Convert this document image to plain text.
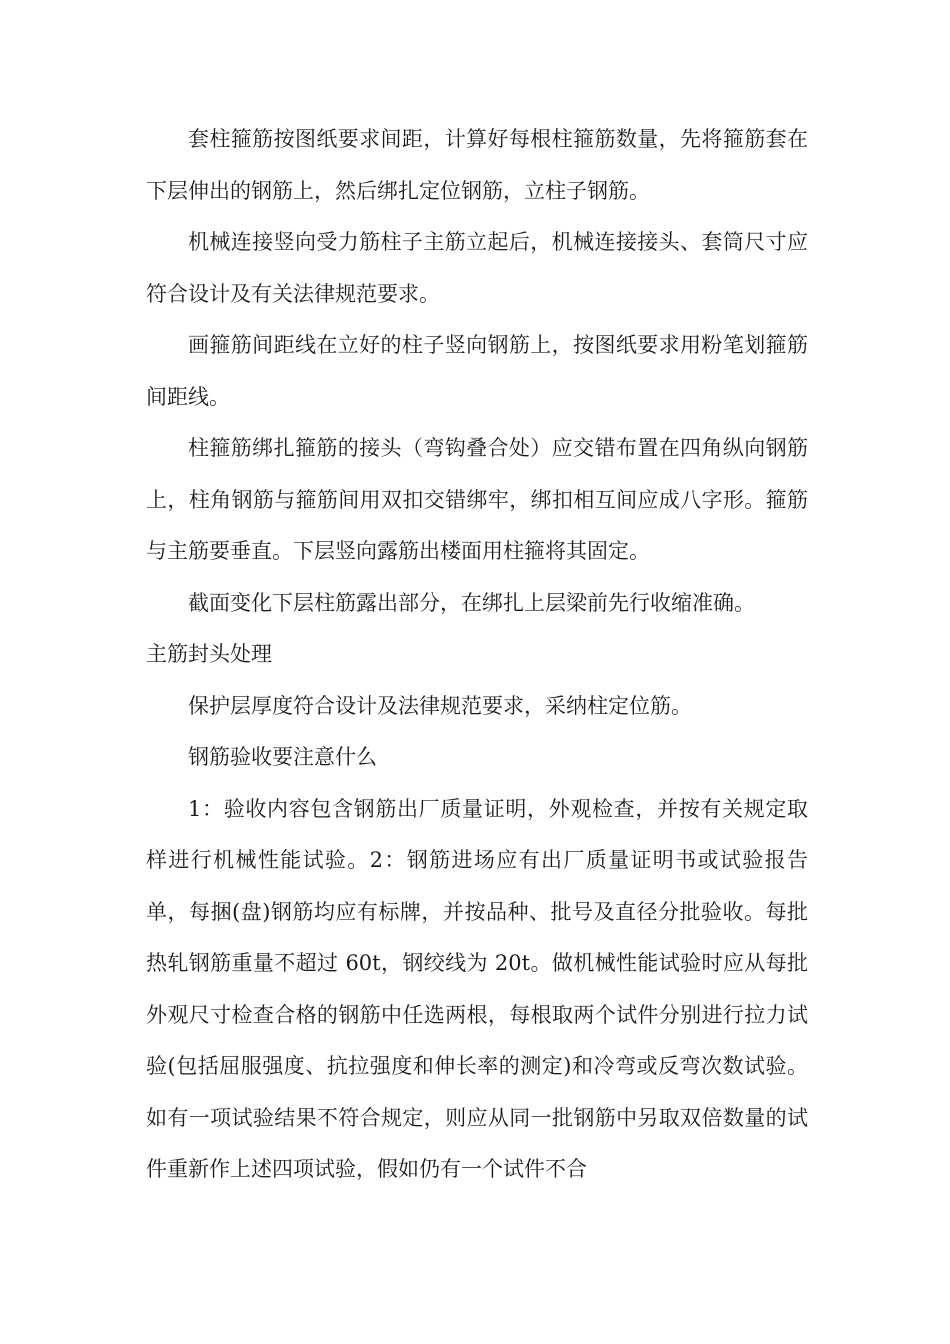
套柱箍筋按图纸要求间距，计算好每根柱箍筋数量，先将箍筋套在下层伸出的钢筋上，然后绑扎定位钢筋，立柱子钢筋。

机械连接竖向受力筋柱子主筋立起后，机械连接接头、套筒尺寸应符合设计及有关法律规范要求。

画箍筋间距线在立好的柱子竖向钢筋上，按图纸要求用粉笔划箍筋间距线。

柱箍筋绑扎箍筋的接头（弯钩叠合处）应交错布置在四角纵向钢筋上，柱角钢筋与箍筋间用双扣交错绑牢，绑扣相互间应成八字形。箍筋与主筋要垂直。下层竖向露筋出楼面用柱箍将其固定。

截面变化下层柱筋露出部分，在绑扎上层梁前先行收缩准确。

主筋封头处理

保护层厚度符合设计及法律规范要求，采纳柱定位筋。

钢筋验收要注意什么

1：验收内容包含钢筋出厂质量证明，外观检查，并按有关规定取样进行机械性能试验。2：钢筋进场应有出厂质量证明书或试验报告单，每捆(盘)钢筋均应有标牌，并按品种、批号及直径分批验收。每批热轧钢筋重量不超过 60t，钢绞线为 20t。做机械性能试验时应从每批外观尺寸检查合格的钢筋中任选两根，每根取两个试件分别进行拉力试验(包括屈服强度、抗拉强度和伸长率的测定)和冷弯或反弯次数试验。如有一项试验结果不符合规定，则应从同一批钢筋中另取双倍数量的试件重新作上述四项试验，假如仍有一个试件不合
